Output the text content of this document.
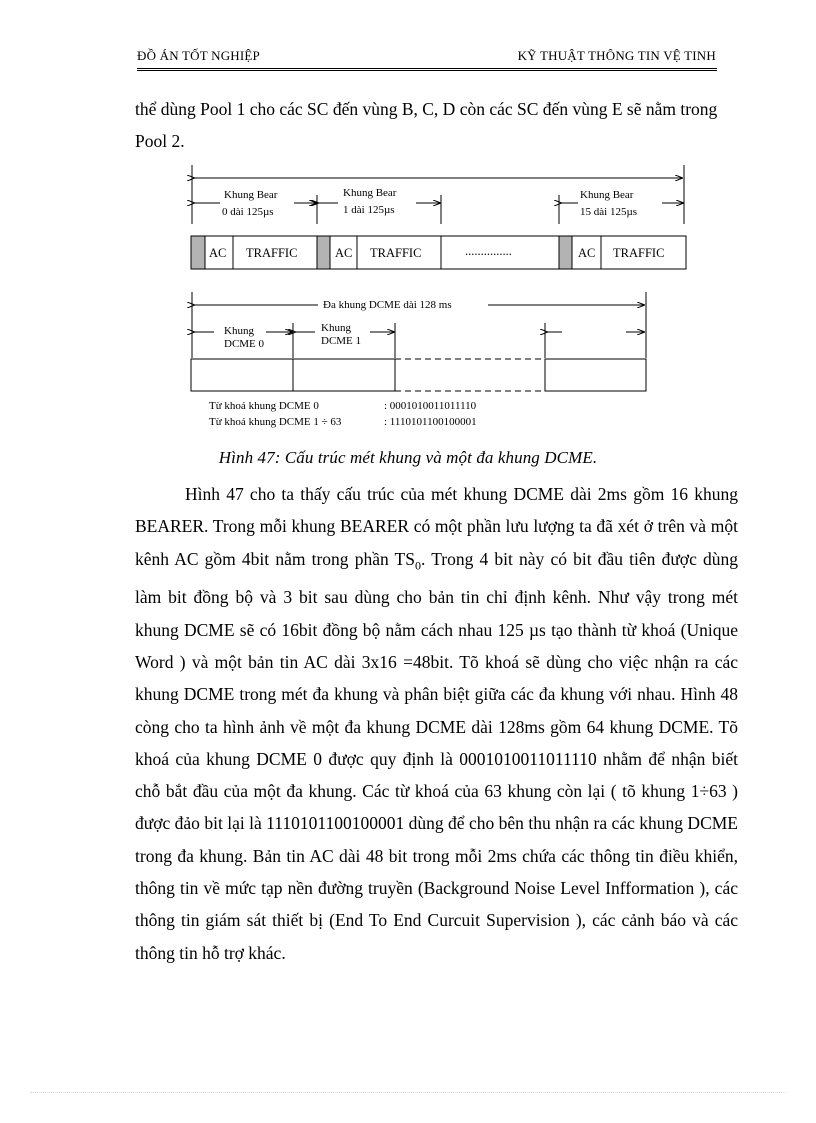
ĐỒ ÁN TỐT NGHIỆP	KỸ THUẬT THÔNG TIN VỆ TINH
thể dùng Pool 1 cho các SC đến vùng B, C, D còn các SC đến vùng E sẽ nằm trong Pool 2.
Khung Bear
0 dài 125µs
Khung Bear
1 dài 125µs
Khung Bear
15 dài 125µs
AC TRAFFIC	AC TRAFFIC	...............	AC TRAFFIC
Đa khung DCME dài 128 ms
Khung
DCME 0
Khung
DCME 1
Từ khoá khung DCME 0	: 0001010011011110
Từ khoá khung DCME 1 ÷ 63	: 1110101100100001
Hình 47: Cấu trúc mét khung và một đa khung DCME.
Hình 47 cho ta thấy cấu trúc của mét khung DCME dài 2ms gồm 16 khung BEARER. Trong mỗi khung BEARER có một phần lưu lượng ta đã xét ở trên và một kênh AC gồm 4bit nằm trong phần $TS_0$. Trong 4 bit này có bit đầu tiên được dùng làm bit đồng bộ và 3 bit sau dùng cho bản tin chỉ định kênh. Như vậy trong mét khung DCME sẽ có 16bit đồng bộ nằm cách nhau 125 µs tạo thành từ khoá (Unique Word ) và một bản tin AC dài 3x16 =48bit. Tõ khoá sẽ dùng cho việc nhận ra các khung DCME trong mét đa khung và phân biệt giữa các đa khung với nhau. Hình 48 còng cho ta hình ảnh về một đa khung DCME dài 128ms gồm 64 khung DCME. Tõ khoá của khung DCME 0 được quy định là 0001010011011110 nhằm để nhận biết chỗ bắt đầu của một đa khung. Các từ khoá của 63 khung còn lại ( tõ khung 1÷63 ) được đảo bit lại là 1110101100100001 dùng để cho bên thu nhận ra các khung DCME trong đa khung. Bản tin AC dài 48 bit trong mỗi 2ms chứa các thông tin điều khiển, thông tin về mức tạp nền đường truyền (Background Noise Level Infformation ), các thông tin giám sát thiết bị (End To End Curcuit Supervision ), các cảnh báo và các thông tin hỗ trợ khác.
